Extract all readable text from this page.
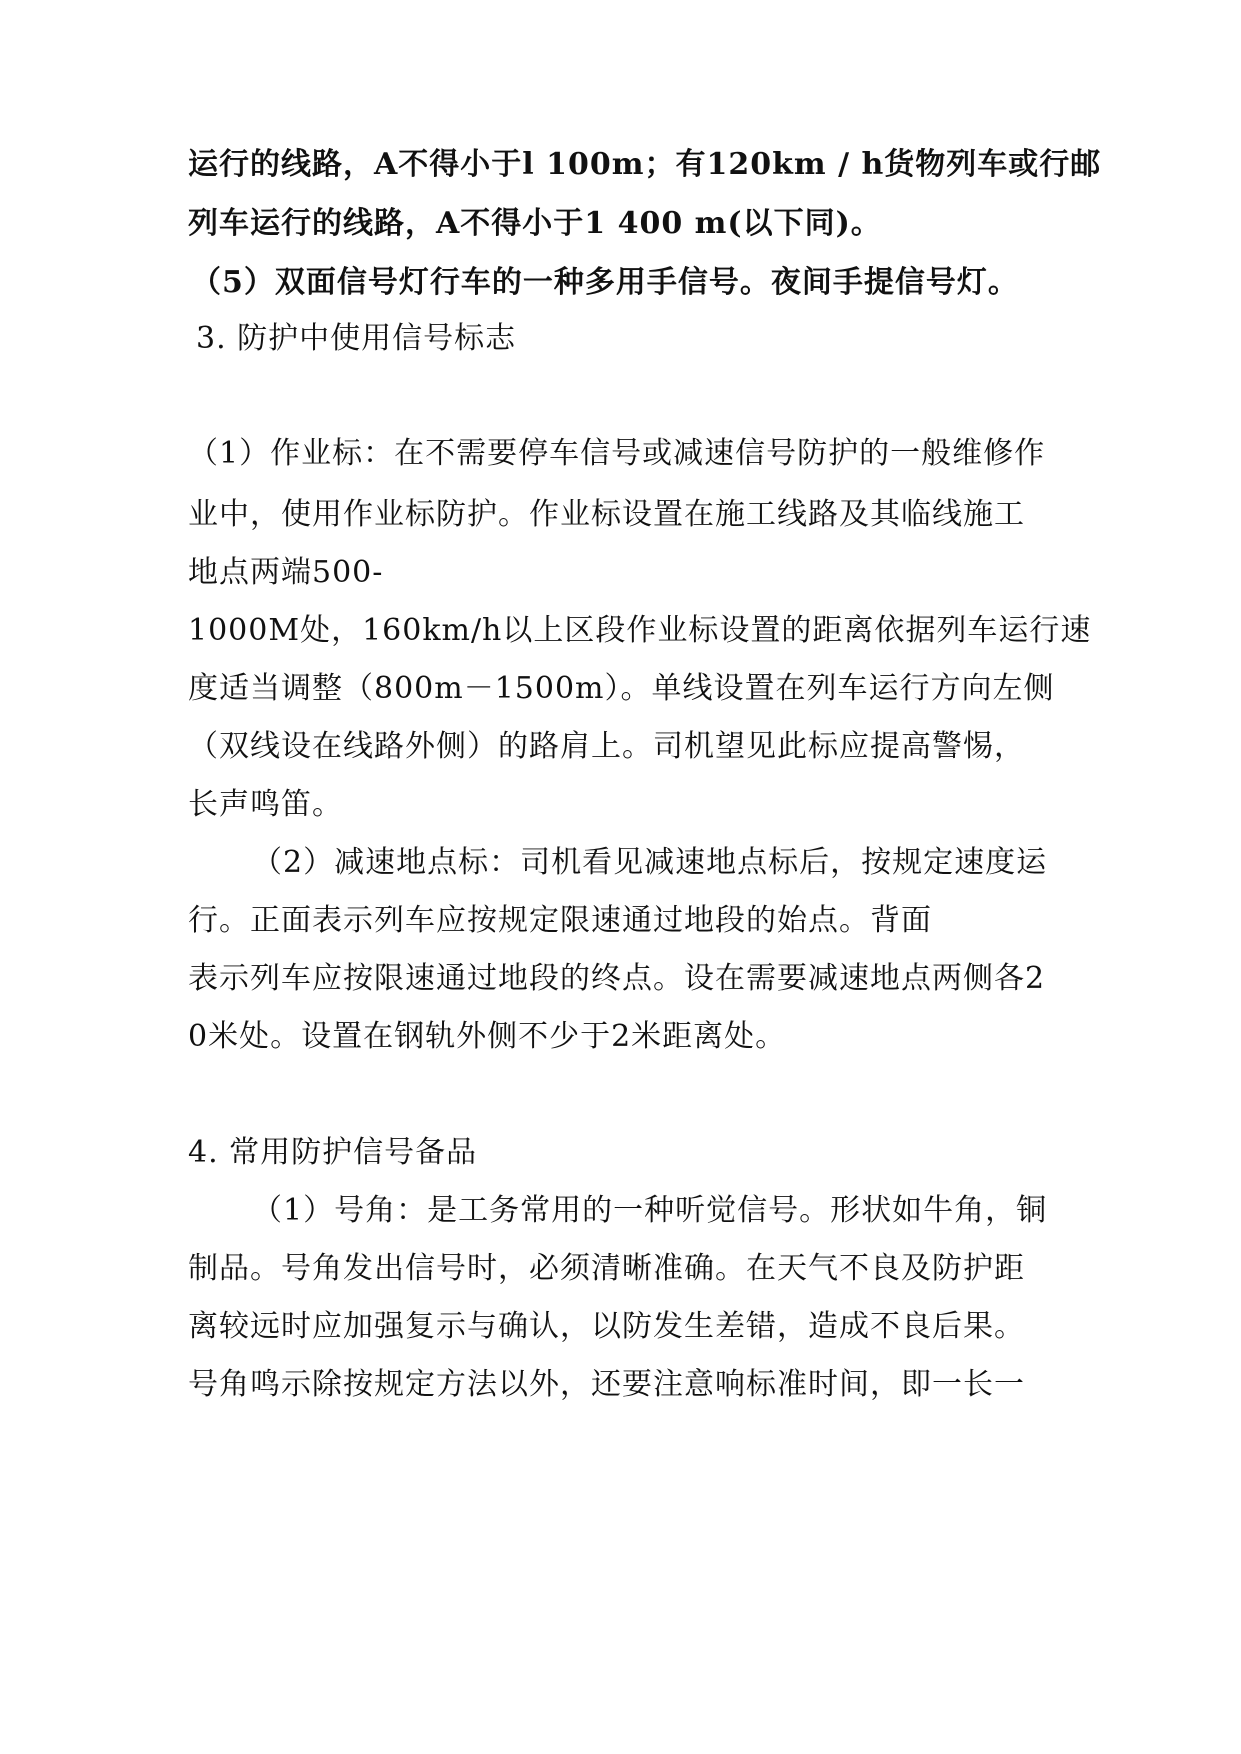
运行的线路，A不得小于l 100m；有120km / h货物列车或行邮
列车运行的线路，A不得小于1 400 m(以下同)。
（5）双面信号灯行车的一种多用手信号。夜间手提信号灯。
3. 防护中使用信号标志
（1）作业标：在不需要停车信号或减速信号防护的一般维修作
业中，使用作业标防护。作业标设置在施工线路及其临线施工
地点两端500-
1000M处，160km/h以上区段作业标设置的距离依据列车运行速
度适当调整（800m－1500m）。单线设置在列车运行方向左侧
（双线设在线路外侧）的路肩上。司机望见此标应提高警惕，
长声鸣笛。
（2）减速地点标：司机看见减速地点标后，按规定速度运
行。正面表示列车应按规定限速通过地段的始点。背面
表示列车应按限速通过地段的终点。设在需要减速地点两侧各2
0米处。设置在钢轨外侧不少于2米距离处。
4. 常用防护信号备品
（1）号角：是工务常用的一种听觉信号。形状如牛角，铜
制品。号角发出信号时，必须清晰准确。在天气不良及防护距
离较远时应加强复示与确认，以防发生差错，造成不良后果。
号角鸣示除按规定方法以外，还要注意响标准时间，即一长一
